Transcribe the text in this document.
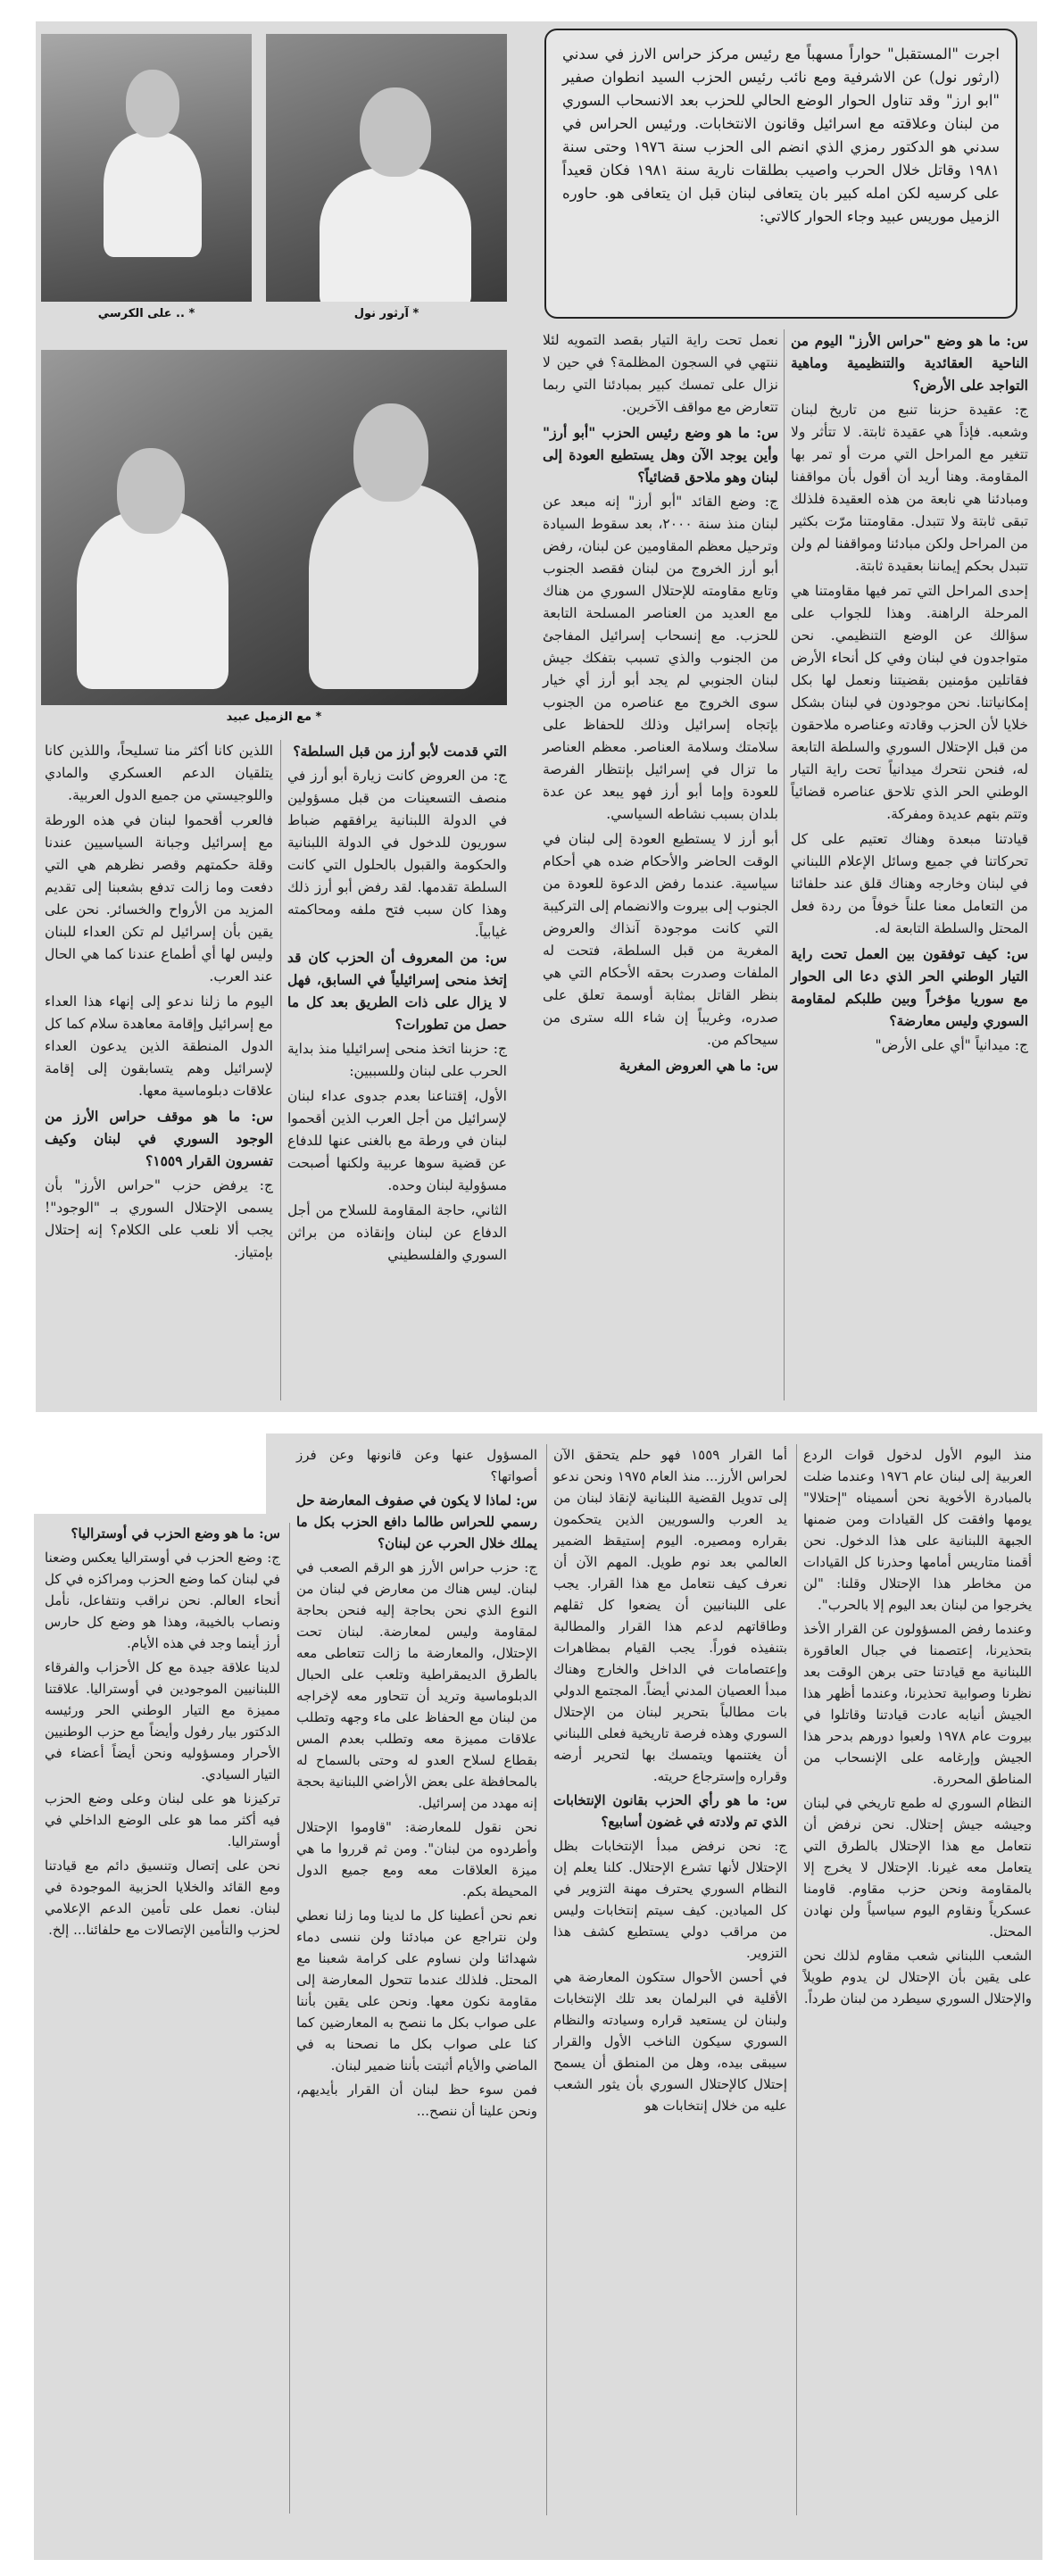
* آرثور نول
* .. على الكرسي
* مع الزميل عبيد

اجرت "المستقبل" حواراً مسهباً مع رئيس مركز حراس الارز في سدني (ارثور نول) عن الاشرفية ومع نائب رئيس الحزب السيد انطوان صفير "ابو ارز" وقد تناول الحوار الوضع الحالي للحزب بعد الانسحاب السوري من لبنان وعلاقته مع اسرائيل وقانون الانتخابات. ورئيس الحراس في سدني هو الدكتور رمزي الذي انضم الى الحزب سنة ١٩٧٦ وحتى سنة ١٩٨١ وقاتل خلال الحرب واصيب بطلقات نارية سنة ١٩٨١ فكان قعيداً على كرسيه لكن امله كبير بان يتعافى لبنان قبل ان يتعافى هو. حاوره الزميل موريس عبيد وجاء الحوار كالاتي:

س: ما هو وضع "حراس الأرز" اليوم من الناحية العقائدية والتنظيمية وماهية التواجد على الأرض؟

ج: عقيدة حزبنا تنبع من تاريخ لبنان وشعبه. فإذاً هي عقيدة ثابتة. لا تتأثر ولا تتغير مع المراحل التي مرت أو تمر بها المقاومة. وهنا أريد أن أقول بأن مواقفنا ومبادئنا هي نابعة من هذه العقيدة فلذلك تبقى ثابتة ولا تتبدل. مقاومتنا مرّت بكثير من المراحل ولكن مبادئنا ومواقفنا لم ولن تتبدل بحكم إيماننا بعقيدة ثابتة.

إحدى المراحل التي تمر فيها مقاومتنا هي المرحلة الراهنة. وهذا للجواب على سؤالك عن الوضع التنظيمي. نحن متواجدون في لبنان وفي كل أنحاء الأرض فقاتلين مؤمنين بقضيتنا ونعمل لها بكل إمكانياتنا. نحن موجودون في لبنان بشكل خلايا لأن الحزب وقادته وعناصره ملاحقون من قبل الإحتلال السوري والسلطة التابعة له، فنحن نتحرك ميدانياً تحت راية التيار الوطني الحر الذي تلاحق عناصره قضائياً وتتم بتهم عديدة ومفركة.

قيادتنا مبعدة وهناك تعتيم على كل تحركاتنا في جميع وسائل الإعلام اللبناني في لبنان وخارجه وهناك قلق عند حلفائنا من التعامل معنا علناً خوفاً من ردة فعل المحتل والسلطة التابعة له.

س: كيف توفقون بين العمل تحت راية التيار الوطني الحر الذي دعا الى الحوار مع سوريا مؤخراً وبين طلبكم لمقاومة السوري وليس معارضة؟

ج: ميدانياً "أي على الأرض"

نعمل تحت راية التيار بقصد التمويه لئلا ننتهي في السجون المظلمة؟ في حين لا نزال على تمسك كبير بمبادئنا التي ربما تتعارض مع مواقف الآخرين.

س: ما هو وضع رئيس الحزب "أبو أرز" وأين يوجد الآن وهل يستطيع العودة إلى لبنان وهو ملاحق قضائياً؟

ج: وضع القائد "أبو أرز" إنه مبعد عن لبنان منذ سنة ٢٠٠٠، بعد سقوط السيادة وترحيل معظم المقاومين عن لبنان، رفض أبو أرز الخروج من لبنان فقصد الجنوب وتابع مقاومته للإحتلال السوري من هناك مع العديد من العناصر المسلحة التابعة للحزب. مع إنسحاب إسرائيل المفاجئ من الجنوب والذي تسبب بتفكك جيش لبنان الجنوبي لم يجد أبو أرز أي خيار سوى الخروج مع عناصره من الجنوب بإتجاه إسرائيل وذلك للحفاظ على سلامتك وسلامة العناصر. معظم العناصر ما تزال في إسرائيل بإنتظار الفرصة للعودة وإما أبو أرز فهو يبعد عن عدة بلدان بسبب نشاطه السياسي.

أبو أرز لا يستطيع العودة إلى لبنان في الوقت الحاضر والأحكام ضده هي أحكام سياسية. عندما رفض الدعوة للعودة من الجنوب إلى بيروت والانضمام إلى التركيبة التي كانت موجودة آنذاك والعروض المغرية من قبل السلطة، فتحت له الملفات وصدرت بحقه الأحكام التي هي بنظر القاتل بمثابة أوسمة تعلق على صدره، وغريباً إن شاء الله سترى من سيحاكم من.

س: ما هي العروض المغرية

التي قدمت لأبو أرز من قبل السلطة؟

ج: من العروض كانت زيارة أبو أرز في منصف التسعينات من قبل مسؤولين في الدولة اللبنانية يرافقهم ضباط سوريون للدخول في الدولة اللبنانية والحكومة والقبول بالحلول التي كانت السلطة تقدمها. لقد رفض أبو أرز ذلك وهذا كان سبب فتح ملفه ومحاكمته غيابياً.

س: من المعروف أن الحزب كان قد إتخذ منحى إسرائيلياً في السابق، فهل لا يزال على ذات الطريق بعد كل ما حصل من تطورات؟

ج: حزبنا اتخذ منحى إسرائيليا منذ بداية الحرب على لبنان وللسببين:

الأول، إقتناعنا بعدم جدوى عداء لبنان لإسرائيل من أجل العرب الذين أقحموا لبنان في ورطة مع بالغنى عنها للدفاع عن قضية سوها عربية ولكنها أصبحت مسؤولية لبنان وحده.

الثاني، حاجة المقاومة للسلاح من أجل الدفاع عن لبنان وإنقاذه من براثن السوري والفلسطيني

اللذين كانا أكثر منا تسليحاً، واللذين كانا يتلقيان الدعم العسكري والمادي واللوجيستي من جميع الدول العربية.

فالعرب أقحموا لبنان في هذه الورطة مع إسرائيل وجبانة السياسيين عندنا وقلة حكمتهم وقصر نظرهم هي التي دفعت وما زالت تدفع بشعبنا إلى تقديم المزيد من الأرواح والخسائر. نحن على يقين بأن إسرائيل لم تكن العداء للبنان وليس لها أي أطماع عندنا كما هي الحال عند العرب.

اليوم ما زلنا ندعو إلى إنهاء هذا العداء مع إسرائيل وإقامة معاهدة سلام كما كل الدول المنطقة الذين يدعون العداء لإسرائيل وهم يتسابقون إلى إقامة علاقات دبلوماسية معها.

س: ما هو موقف حراس الأرز من الوجود السوري في لبنان وكيف تفسرون القرار ١٥٥٩؟

ج: يرفض حزب "حراس الأرز" بأن يسمى الإحتلال السوري بـ "الوجود"! يجب ألا نلعب على الكلام؟ إنه إحتلال بإمتياز.

منذ اليوم الأول لدخول قوات الردع العربية إلى لبنان عام ١٩٧٦ وعندما ضلت بالمبادرة الأخوية نحن أسميناه "إحتلالا" يومها وافقت كل القيادات ومن ضمنها الجبهة اللبنانية على هذا الدخول. نحن أقمنا متاريس أمامها وحذرنا كل القيادات من مخاطر هذا الإحتلال وقلنا: "لن يخرجوا من لبنان بعد اليوم إلا بالحرب".

وعندما رفض المسؤولون عن القرار الأخذ بتحذيرنا، إعتصمنا في جبال العاقورة اللبنانية مع قيادتنا حتى برهن الوقت بعد نظرنا وصوابية تحذيرنا، وعندما أظهر هذا الجيش أنيابه عادت قيادتنا وقاتلوا في بيروت عام ١٩٧٨ ولعبوا دورهم بدحر هذا الجيش وإرغامه على الإنسحاب من المناطق المحررة.

النظام السوري له طمع تاريخي في لبنان وجيشه جيش إحتلال. نحن نرفض أن نتعامل مع هذا الإحتلال بالطرق التي يتعامل معه غيرنا. الإحتلال لا يخرج إلا بالمقاومة ونحن حزب مقاوم. قاومنا عسكرياً ونقاوم اليوم سياسياً ولن نهادن المحتل.

الشعب اللبناني شعب مقاوم لذلك نحن على يقين بأن الإحتلال لن يدوم طويلاً والإحتلال السوري سيطرد من لبنان طرداً.

أما القرار ١٥٥٩ فهو حلم يتحقق الآن لحراس الأرز... منذ العام ١٩٧٥ ونحن ندعو إلى تدويل القضية اللبنانية لإنقاذ لبنان من يد العرب والسوريين الذين يتحكمون بقراره ومصيره. اليوم إستيقظ الضمير العالمي بعد نوم طويل. المهم الآن أن نعرف كيف نتعامل مع هذا القرار. يجب على اللبنانيين أن يضعوا كل ثقلهم وطاقاتهم لدعم هذا القرار والمطالبة بتنفيذه فوراً. يجب القيام بمظاهرات وإعتصامات في الداخل والخارج وهناك مبدأ العصيان المدني أيضاً. المجتمع الدولي بات مطالباً بتحرير لبنان من الإحتلال السوري وهذه فرصة تاريخية فعلى اللبناني أن يغتنمها ويتمسك بها لتحرير أرضه وقراره وإسترجاع حريته.

س: ما هو رأي الحزب بقانون الإنتخابات الذي تم ولادته في غضون أسابيع؟

ج: نحن نرفض مبدأ الإنتخابات بظل الإحتلال لأنها تشرع الإحتلال. كلنا يعلم إن النظام السوري يحترف مهنة التزوير في كل الميادين. كيف سيتم إنتخابات وليس من مراقب دولي يستطيع كشف هذا التزوير.

في أحسن الأحوال ستكون المعارضة هي الأقلية في البرلمان بعد تلك الإنتخابات ولبنان لن يستعيد قراره وسيادته والنظام السوري سيكون الناخب الأول والقرار سيبقى بيده، وهل من المنطق أن يسمح إحتلال كالإحتلال السوري بأن يثور الشعب عليه من خلال إنتخابات هو

المسؤول عنها وعن قانونها وعن فرز أصواتها؟

س: لماذا لا يكون في صفوف المعارضة حل رسمي للحراس طالما دافع الحزب بكل ما يملك خلال الحرب عن لبنان؟

ج: حزب حراس الأرز هو الرقم الصعب في لبنان. ليس هناك من معارض في لبنان من النوع الذي نحن بحاجة إليه فنحن بحاجة لمقاومة وليس لمعارضة. لبنان تحت الإحتلال، والمعارضة ما زالت تتعاطى معه بالطرق الديمقراطية وتلعب على الحبال الدبلوماسية وتريد أن تتحاور معه لإخراجه من لبنان مع الحفاظ على ماء وجهه وتطلب علاقات مميزة معه وتطلب بعدم المس بقطاع لسلاح العدو له وحتى بالسماح له بالمحافظة على بعض الأراضي اللبنانية بحجة إنه مهدد من إسرائيل.

نحن نقول للمعارضة: "قاوموا الإحتلال وأطردوه من لبنان". ومن ثم قرروا ما هي ميزة العلاقات معه ومع جميع الدول المحيطة بكم.

نعم نحن أعطينا كل ما لدينا وما زلنا نعطي ولن نتراجع عن مبادئنا ولن ننسى دماء شهدائنا ولن نساوم على كرامة شعبنا مع المحتل. فلذلك عندما تتحول المعارضة إلى مقاومة نكون معها. ونحن على يقين بأننا على صواب بكل ما ننصح به المعارضين كما كنا على صواب بكل ما نصحنا به في الماضي والأيام أثبتت بأننا ضمير لبنان.

فمن سوء حظ لبنان أن القرار بأيديهم، ونحن علينا أن ننصح...

س: ما هو وضع الحزب في أوستراليا؟

ج: وضع الحزب في أوستراليا يعكس وضعنا في لبنان كما وضع الحزب ومراكزه في كل أنحاء العالم. نحن نراقب ونتفاعل، نأمل ونصاب بالخيبة، وهذا هو وضع كل حارس أرز أينما وجد في هذه الأيام.

لدينا علاقة جيدة مع كل الأحزاب والفرقاء اللبنانيين الموجودين في أوستراليا. علاقتنا مميزة مع التيار الوطني الحر ورئيسه الدكتور بيار رفول وأيضاً مع حزب الوطنيين الأحرار ومسؤوليه ونحن أيضاً أعضاء في التيار السيادي.

تركيزنا هو على لبنان وعلى وضع الحزب فيه أكثر مما هو على الوضع الداخلي في أوستراليا.

نحن على إتصال وتنسيق دائم مع قيادتنا ومع القائد والخلايا الحزبية الموجودة في لبنان. نعمل على تأمين الدعم الإعلامي لحزب والتأمين الإتصالات مع حلفائنا... إلخ.
